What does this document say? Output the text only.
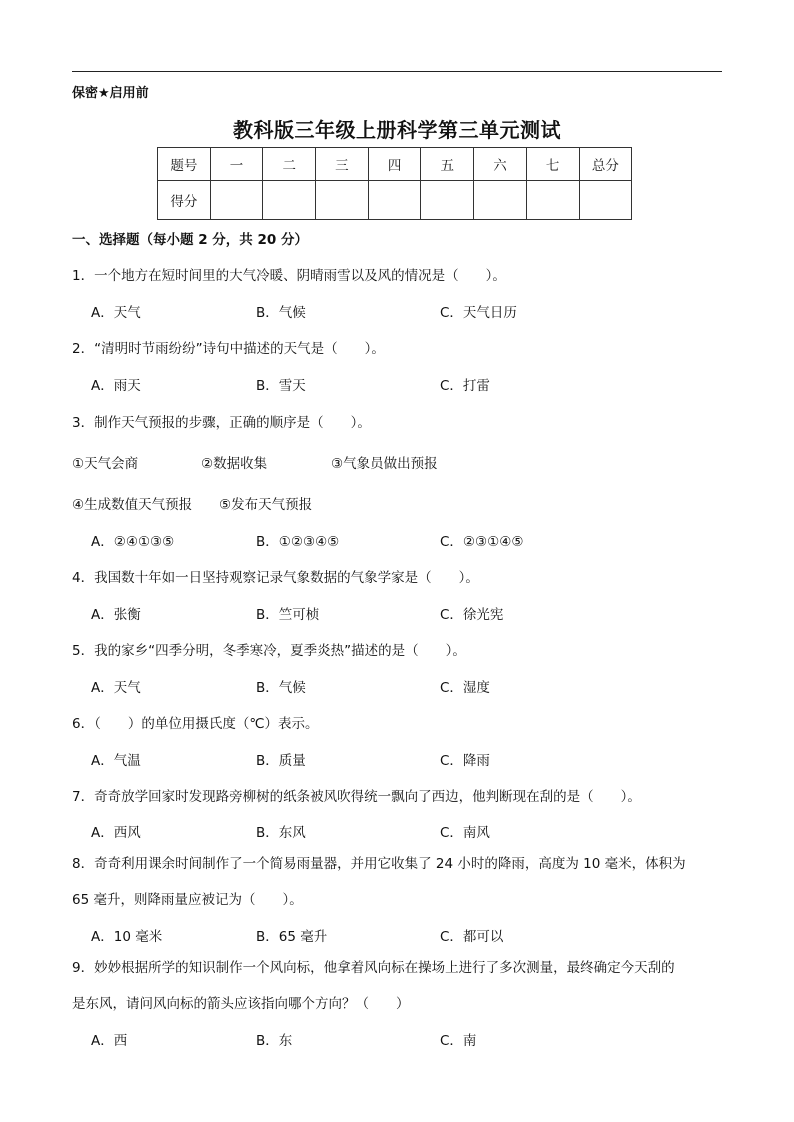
保密★启用前
教科版三年级上册科学第三单元测试
题号	一	二	三	四	五	六	七	总分
得分								
一、选择题（每小题 2 分，共 20 分）
1．一个地方在短时间里的大气冷暖、阴晴雨雪以及风的情况是（　　）。
A．天气	B．气候	C．天气日历
2．“清明时节雨纷纷”诗句中描述的天气是（　　）。
A．雨天	B．雪天	C．打雷
3．制作天气预报的步骤，正确的顺序是（　　）。
①天气会商	②数据收集	③气象员做出预报
④生成数值天气预报 ⑤发布天气预报
A．②④①③⑤	B．①②③④⑤	C．②③①④⑤
4．我国数十年如一日坚持观察记录气象数据的气象学家是（　　）。
A．张衡	B．竺可桢	C．徐光宪
5．我的家乡“四季分明，冬季寒冷，夏季炎热”描述的是（　　）。
A．天气	B．气候	C．湿度
6．（　　）的单位用摄氏度（℃）表示。
A．气温	B．质量	C．降雨
7．奇奇放学回家时发现路旁柳树的纸条被风吹得统一飘向了西边，他判断现在刮的是（　　）。
A．西风	B．东风	C．南风
8．奇奇利用课余时间制作了一个简易雨量器，并用它收集了 24 小时的降雨，高度为 10 毫米，体积为
65 毫升，则降雨量应被记为（　　）。
A．10 毫米	B．65 毫升	C．都可以
9．妙妙根据所学的知识制作一个风向标，他拿着风向标在操场上进行了多次测量，最终确定今天刮的
是东风，请问风向标的箭头应该指向哪个方向？（　　）
A．西	B．东	C．南
